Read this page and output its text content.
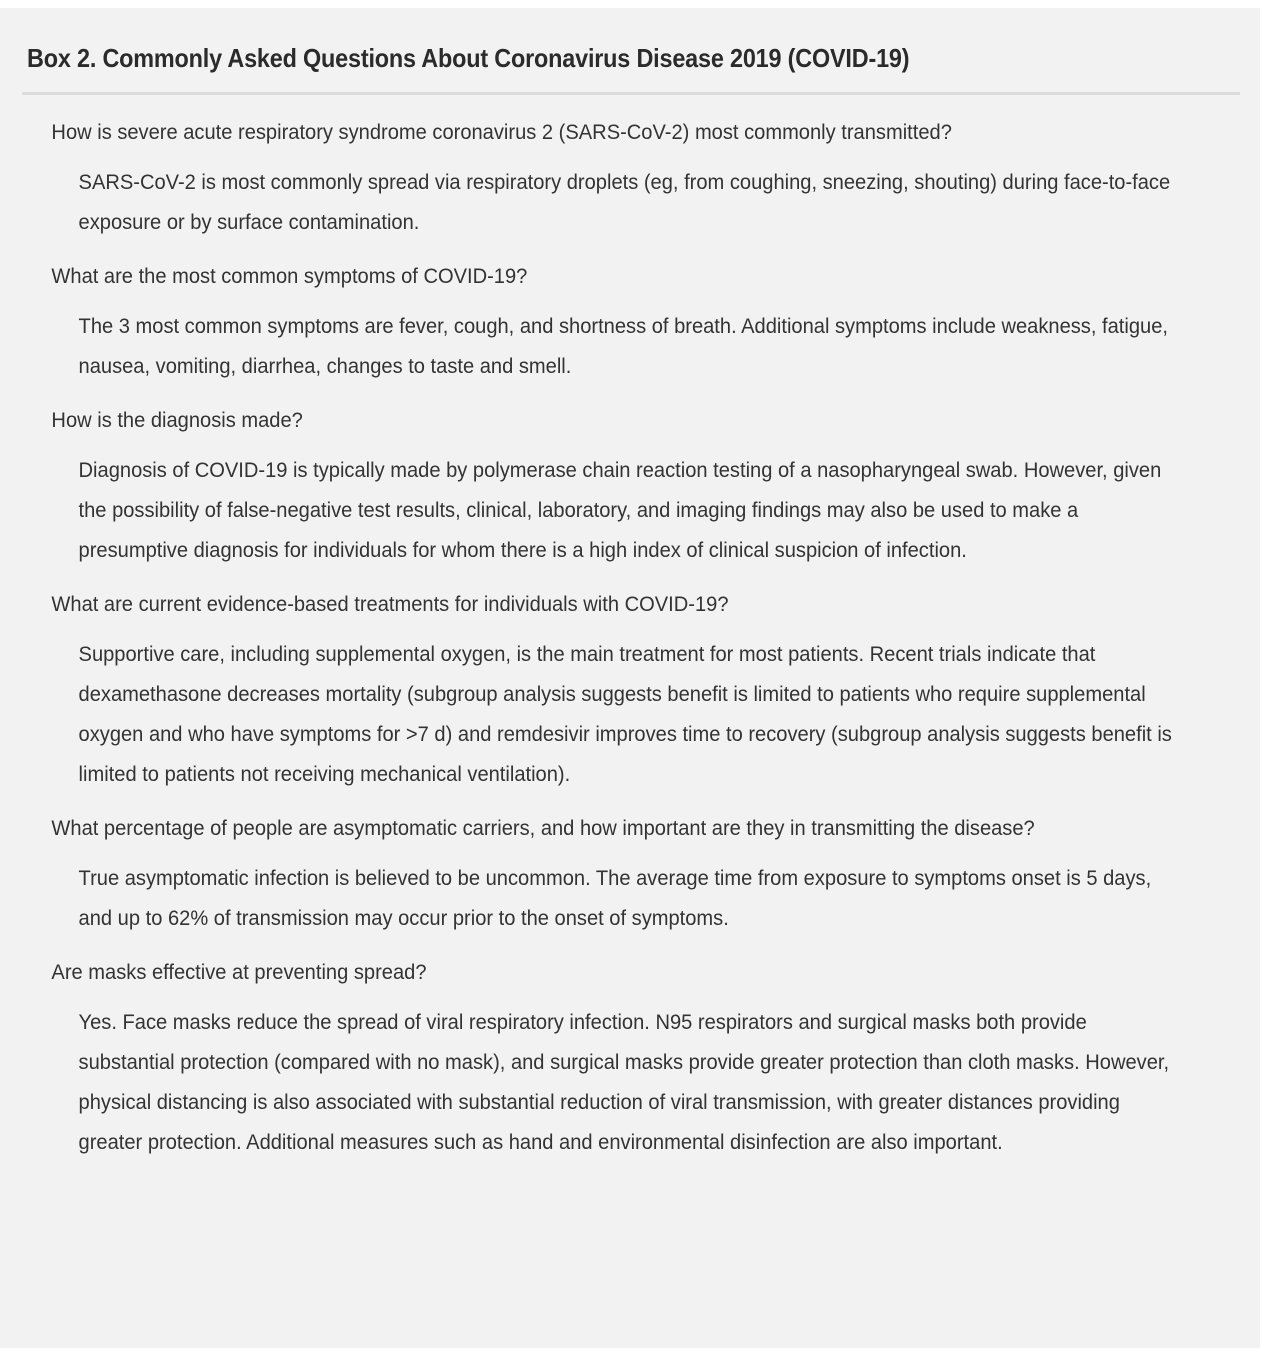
Box 2. Commonly Asked Questions About Coronavirus Disease 2019 (COVID-19)

How is severe acute respiratory syndrome coronavirus 2 (SARS-CoV-2) most commonly transmitted?

SARS-CoV-2 is most commonly spread via respiratory droplets (eg, from coughing, sneezing, shouting) during face-to-face exposure or by surface contamination.

What are the most common symptoms of COVID-19?

The 3 most common symptoms are fever, cough, and shortness of breath. Additional symptoms include weakness, fatigue, nausea, vomiting, diarrhea, changes to taste and smell.

How is the diagnosis made?

Diagnosis of COVID-19 is typically made by polymerase chain reaction testing of a nasopharyngeal swab. However, given the possibility of false-negative test results, clinical, laboratory, and imaging findings may also be used to make a presumptive diagnosis for individuals for whom there is a high index of clinical suspicion of infection.

What are current evidence-based treatments for individuals with COVID-19?

Supportive care, including supplemental oxygen, is the main treatment for most patients. Recent trials indicate that dexamethasone decreases mortality (subgroup analysis suggests benefit is limited to patients who require supplemental oxygen and who have symptoms for >7 d) and remdesivir improves time to recovery (subgroup analysis suggests benefit is limited to patients not receiving mechanical ventilation).

What percentage of people are asymptomatic carriers, and how important are they in transmitting the disease?

True asymptomatic infection is believed to be uncommon. The average time from exposure to symptoms onset is 5 days, and up to 62% of transmission may occur prior to the onset of symptoms.

Are masks effective at preventing spread?

Yes. Face masks reduce the spread of viral respiratory infection. N95 respirators and surgical masks both provide substantial protection (compared with no mask), and surgical masks provide greater protection than cloth masks. However, physical distancing is also associated with substantial reduction of viral transmission, with greater distances providing greater protection. Additional measures such as hand and environmental disinfection are also important.
